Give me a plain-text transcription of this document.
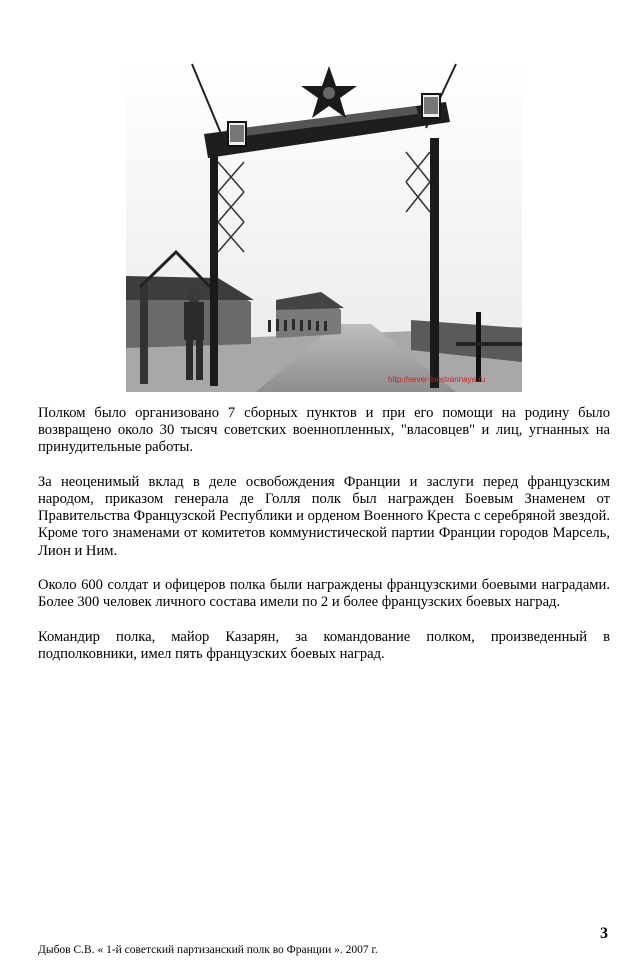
http://sever-inostrannaya.ru

Полком было организовано 7 сборных пунктов и при его помощи на родину было возвращено около 30 тысяч советских военнопленных, "власовцев" и лиц, угнанных на принудительные работы.

За неоценимый вклад в деле освобождения Франции и заслуги перед французским народом, приказом генерала де Голля полк был награжден Боевым Знаменем от Правительства Французской Республики и орденом Военного Креста с серебряной звездой. Кроме того знаменами от комитетов коммунистической партии Франции городов Марсель, Лион и Ним.

Около 600 солдат и офицеров полка были награждены французскими боевыми наградами. Более 300 человек личного состава имели по 2 и более французских боевых наград.

Командир полка, майор Казарян, за командование полком, произведенный в подполковники, имел пять французских боевых наград.

3
Дыбов С.В. « 1-й советский партизанский полк во Франции ». 2007 г.
